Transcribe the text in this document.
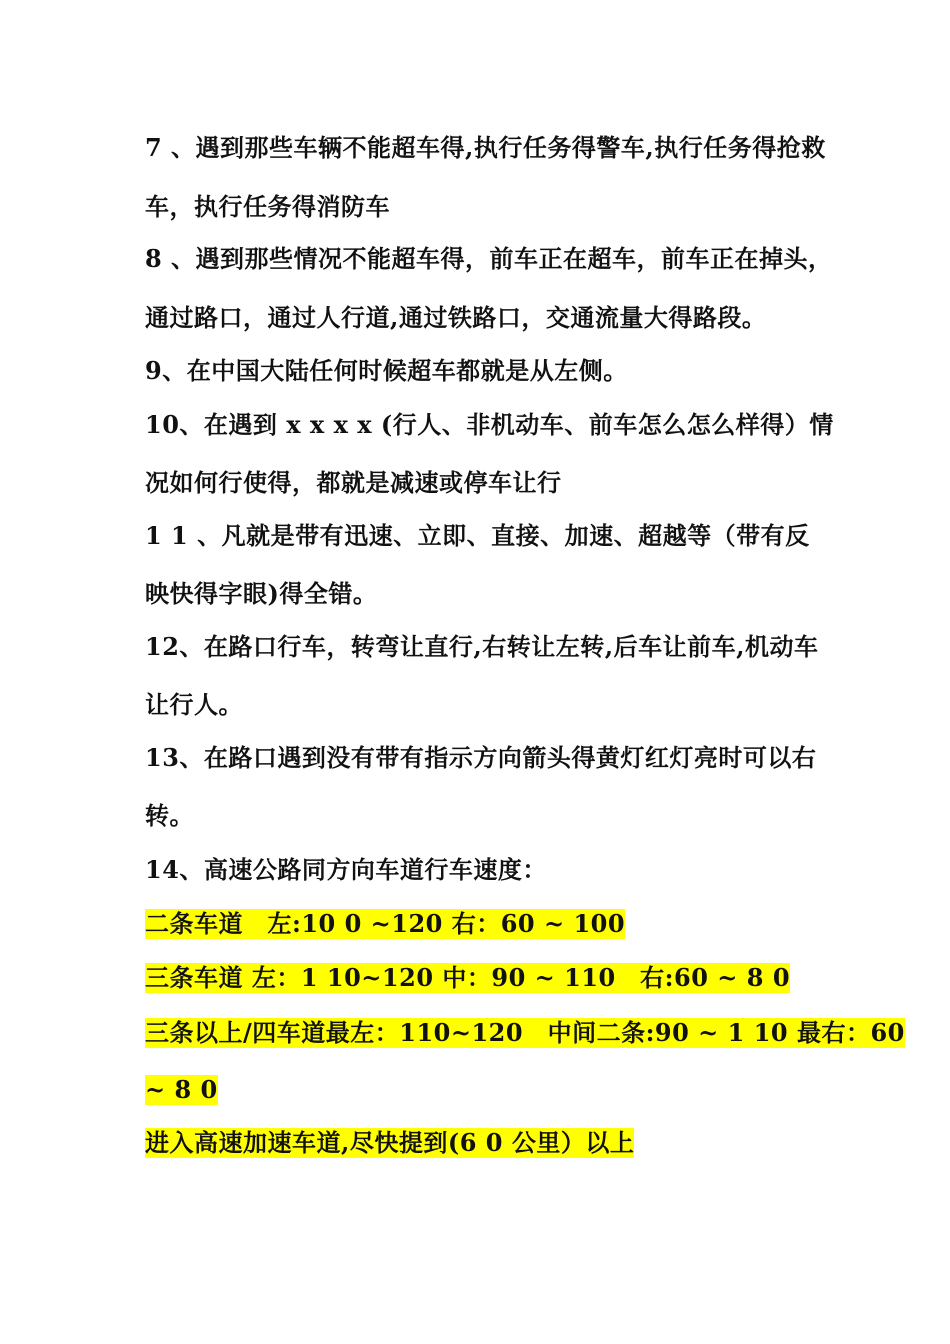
7 、遇到那些车辆不能超车得,执行任务得警车,执行任务得抢救
车，执行任务得消防车
8 、遇到那些情况不能超车得，前车正在超车，前车正在掉头，
通过路口，通过人行道,通过铁路口，交通流量大得路段。
9、在中国大陆任何时候超车都就是从左侧。
10、在遇到 x x x x (行人、非机动车、前车怎么怎么样得）情
况如何行使得，都就是减速或停车让行
1 1 、凡就是带有迅速、立即、直接、加速、超越等（带有反
映快得字眼)得全错。
12、在路口行车，转弯让直行,右转让左转,后车让前车,机动车
让行人。
13、在路口遇到没有带有指示方向箭头得黄灯红灯亮时可以右
转。
14、高速公路同方向车道行车速度：
二条车道　左:10 0 ~120 右：60 ~ 100
三条车道 左：1 10~120 中：90 ~ 110　右:60 ~ 8 0
三条以上/四车道最左：110~120　中间二条:90 ~ 1 10 最右：60
~ 8 0
进入高速加速车道,尽快提到(6 0 公里）以上
